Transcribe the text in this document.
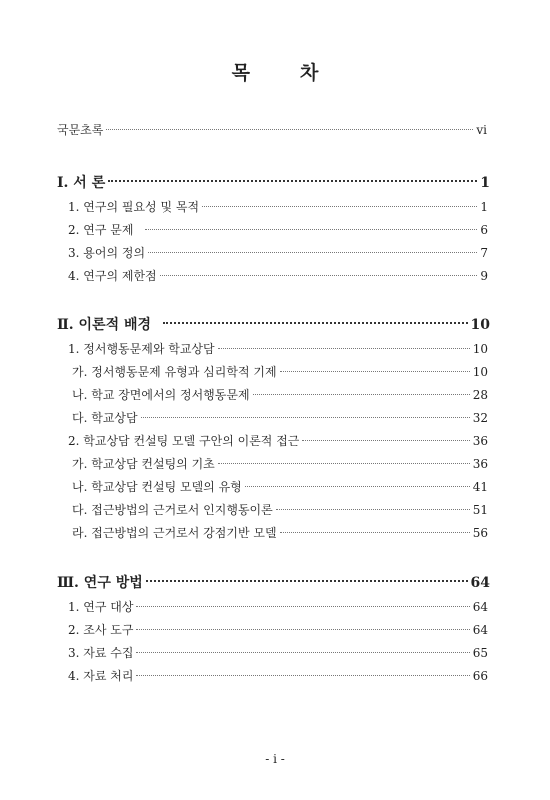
목	차
국문초록	vi
Ⅰ. 서 론	1
1. 연구의 필요성 및 목적	1
2. 연구 문제	6
3. 용어의 정의	7
4. 연구의 제한점	9
Ⅱ. 이론적 배경	10
1. 정서행동문제와 학교상담	10
가. 정서행동문제 유형과 심리학적 기제	10
나. 학교 장면에서의 정서행동문제	28
다. 학교상담	32
2. 학교상담 컨설팅 모델 구안의 이론적 접근	36
가. 학교상담 컨설팅의 기초	36
나. 학교상담 컨설팅 모델의 유형	41
다. 접근방법의 근거로서 인지행동이론	51
라. 접근방법의 근거로서 강점기반 모델	56
Ⅲ. 연구 방법	64
1. 연구 대상	64
2. 조사 도구	64
3. 자료 수집	65
4. 자료 처리	66
- i -
